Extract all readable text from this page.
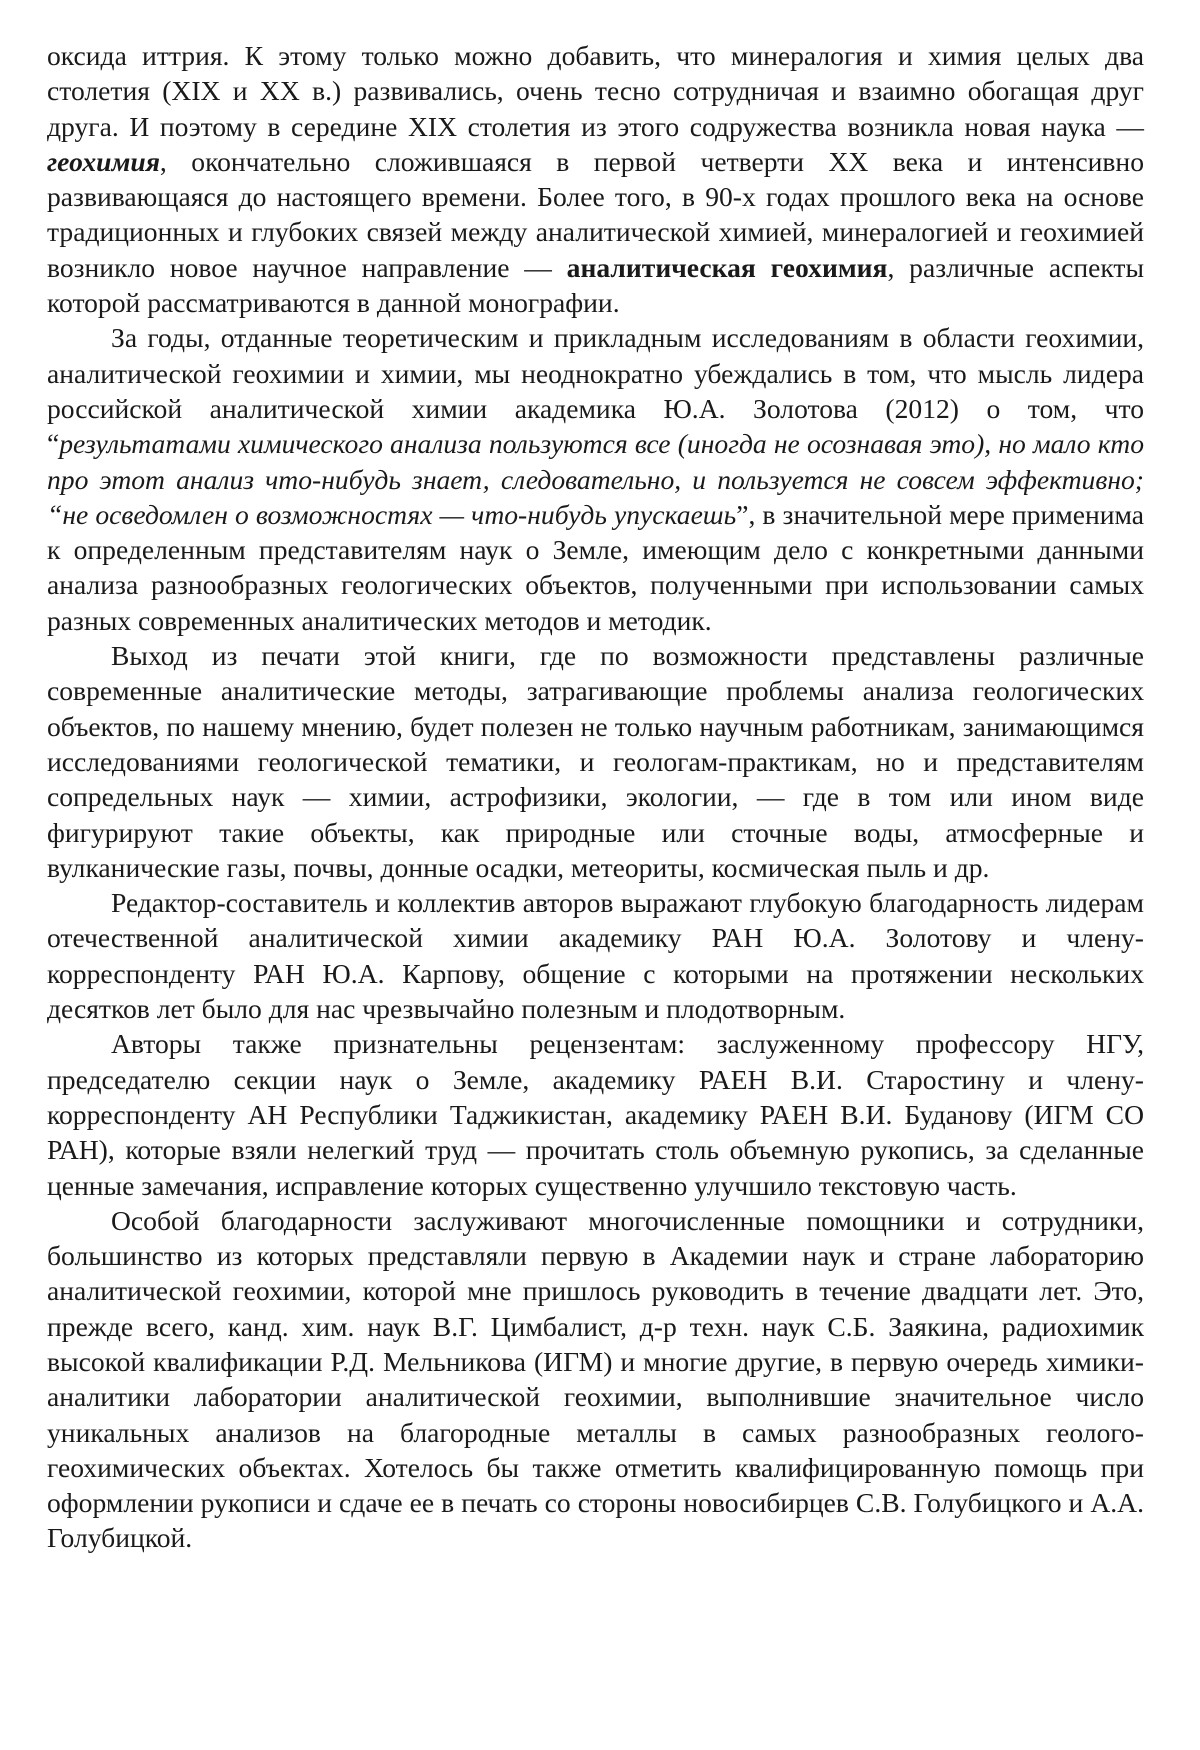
оксида иттрия. К этому только можно добавить, что минералогия и химия целых два столетия (XIX и XX в.) развивались, очень тесно сотрудничая и взаимно обогащая друг друга. И поэтому в середине XIX столетия из этого содружества возникла новая наука — геохимия, окончательно сложившаяся в первой четверти XX века и интенсивно развивающаяся до настоящего времени. Более того, в 90-х годах прошлого века на основе традиционных и глубоких связей между аналитической химией, минералогией и геохимией возникло новое научное направление — аналитическая геохимия, различные аспекты которой рассматриваются в данной монографии.

За годы, отданные теоретическим и прикладным исследованиям в области геохимии, аналитической геохимии и химии, мы неоднократно убеждались в том, что мысль лидера российской аналитической химии академика Ю.А. Золотова (2012) о том, что “результатами химического анализа пользуются все (иногда не осознавая это), но мало кто про этот анализ что-нибудь знает, следовательно, и пользуется не совсем эффективно; “не осведомлен о возможностях — что-нибудь упускаешь”, в значительной мере применима к определенным представителям наук о Земле, имеющим дело с конкретными данными анализа разнообразных геологических объектов, полученными при использовании самых разных современных аналитических методов и методик.

Выход из печати этой книги, где по возможности представлены различные современные аналитические методы, затрагивающие проблемы анализа геологических объектов, по нашему мнению, будет полезен не только научным работникам, занимающимся исследованиями геологической тематики, и геологам-практикам, но и представителям сопредельных наук — химии, астрофизики, экологии, — где в том или ином виде фигурируют такие объекты, как природные или сточные воды, атмосферные и вулканические газы, почвы, донные осадки, метеориты, космическая пыль и др.

Редактор-составитель и коллектив авторов выражают глубокую благодарность лидерам отечественной аналитической химии академику РАН Ю.А. Золотову и члену-корреспонденту РАН Ю.А. Карпову, общение с которыми на протяжении нескольких десятков лет было для нас чрезвычайно полезным и плодотворным.

Авторы также признательны рецензентам: заслуженному профессору НГУ, председателю секции наук о Земле, академику РАЕН В.И. Старостину и члену-корреспонденту АН Республики Таджикистан, академику РАЕН В.И. Буданову (ИГМ СО РАН), которые взяли нелегкий труд — прочитать столь объемную рукопись, за сделанные ценные замечания, исправление которых существенно улучшило текстовую часть.

Особой благодарности заслуживают многочисленные помощники и сотрудники, большинство из которых представляли первую в Академии наук и стране лабораторию аналитической геохимии, которой мне пришлось руководить в течение двадцати лет. Это, прежде всего, канд. хим. наук В.Г. Цимбалист, д-р техн. наук С.Б. Заякина, радиохимик высокой квалификации Р.Д. Мельникова (ИГМ) и многие другие, в первую очередь химики-аналитики лаборатории аналитической геохимии, выполнившие значительное число уникальных анализов на благородные металлы в самых разнообразных геолого-геохимических объектах. Хотелось бы также отметить квалифицированную помощь при оформлении рукописи и сдаче ее в печать со стороны новосибирцев С.В. Голубицкого и А.А. Голубицкой.
